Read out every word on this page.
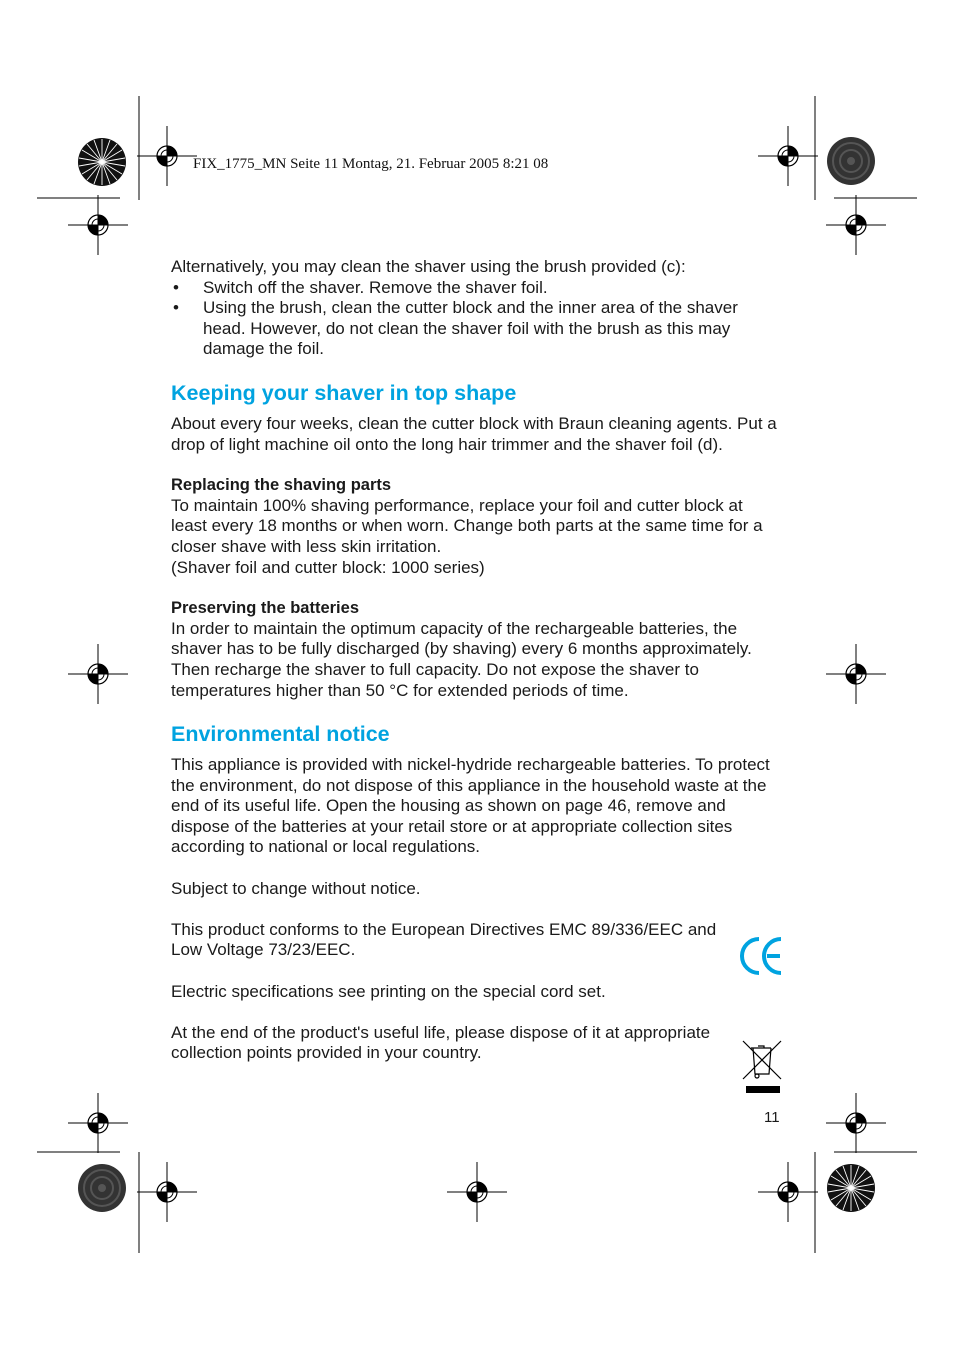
FIX_1775_MN Seite 11 Montag, 21. Februar 2005 8:21 08

Alternatively, you may clean the shaver using the brush provided (c):

• Switch off the shaver. Remove the shaver foil.
• Using the brush, clean the cutter block and the inner area of the shaver head. However, do not clean the shaver foil with the brush as this may damage the foil.
Keeping your shaver in top shape

About every four weeks, clean the cutter block with Braun cleaning agents. Put a drop of light machine oil onto the long hair trimmer and the shaver foil (d).

Replacing the shaving parts

To maintain 100% shaving performance, replace your foil and cutter block at least every 18 months or when worn. Change both parts at the same time for a closer shave with less skin irritation.

(Shaver foil and cutter block: 1000 series)

Preserving the batteries

In order to maintain the optimum capacity of the rechargeable batteries, the shaver has to be fully discharged (by shaving) every 6 months approximately. Then recharge the shaver to full capacity. Do not expose the shaver to temperatures higher than 50 °C for extended periods of time.

Environmental notice

This appliance is provided with nickel-hydride rechargeable batteries. To protect the environment, do not dispose of this appliance in the household waste at the end of its useful life. Open the housing as shown on page 46, remove and dispose of the batteries at your retail store or at appropriate collection sites according to national or local regulations.

Subject to change without notice.

This product conforms to the European Directives EMC 89/336/EEC and Low Voltage 73/23/EEC.

Electric specifications see printing on the special cord set.

At the end of the product's useful life, please dispose of it at appropriate collection points provided in your country.

11
